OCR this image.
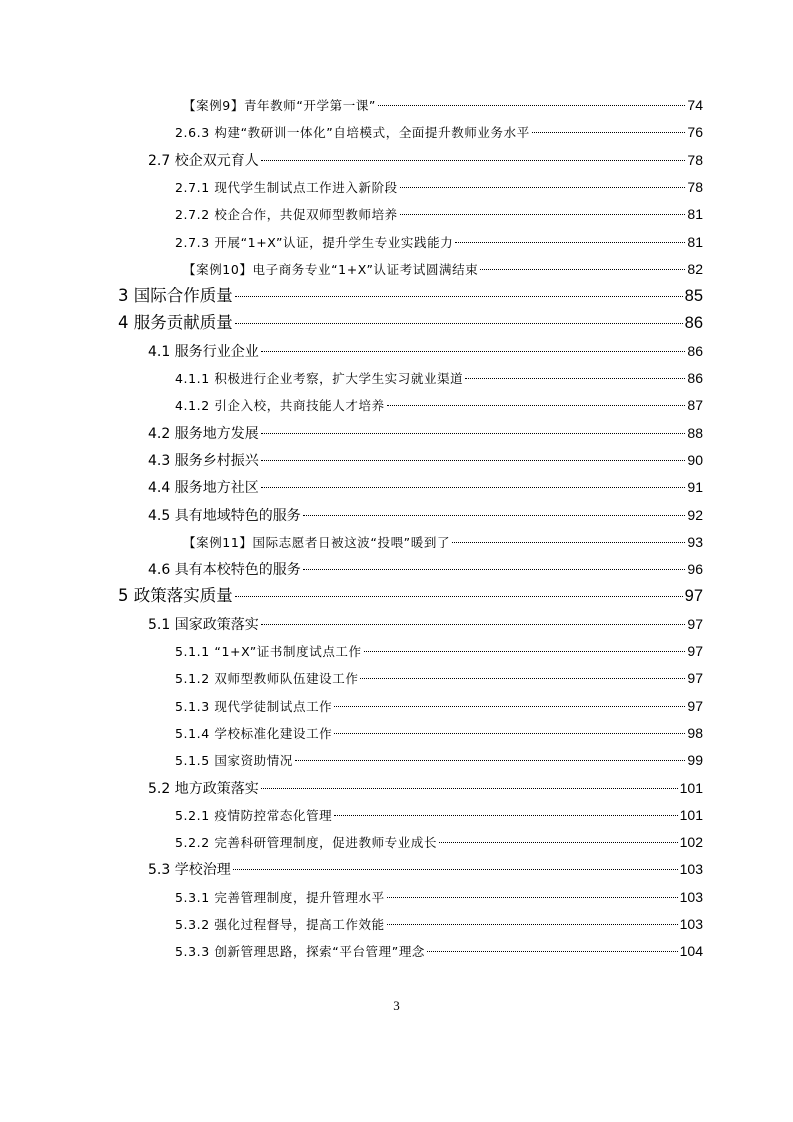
【案例9】青年教师“开学第一课”	74
2.6.3 构建“教研训一体化”自培模式，全面提升教师业务水平	76
2.7 校企双元育人	78
2.7.1 现代学生制试点工作进入新阶段	78
2.7.2 校企合作，共促双师型教师培养	81
2.7.3 开展“1+X”认证，提升学生专业实践能力	81
【案例10】电子商务专业“1+X”认证考试圆满结束	82
3 国际合作质量	85
4 服务贡献质量	86
4.1 服务行业企业	86
4.1.1 积极进行企业考察，扩大学生实习就业渠道	86
4.1.2 引企入校，共商技能人才培养	87
4.2 服务地方发展	88
4.3 服务乡村振兴	90
4.4 服务地方社区	91
4.5 具有地域特色的服务	92
【案例11】国际志愿者日被这波“投喂”暖到了	93
4.6 具有本校特色的服务	96
5 政策落实质量	97
5.1 国家政策落实	97
5.1.1 “1+X”证书制度试点工作	97
5.1.2 双师型教师队伍建设工作	97
5.1.3 现代学徒制试点工作	97
5.1.4 学校标准化建设工作	98
5.1.5 国家资助情况	99
5.2 地方政策落实	101
5.2.1 疫情防控常态化管理	101
5.2.2 完善科研管理制度，促进教师专业成长	102
5.3 学校治理	103
5.3.1 完善管理制度，提升管理水平	103
5.3.2 强化过程督导，提高工作效能	103
5.3.3 创新管理思路，探索“平台管理”理念	104
3
